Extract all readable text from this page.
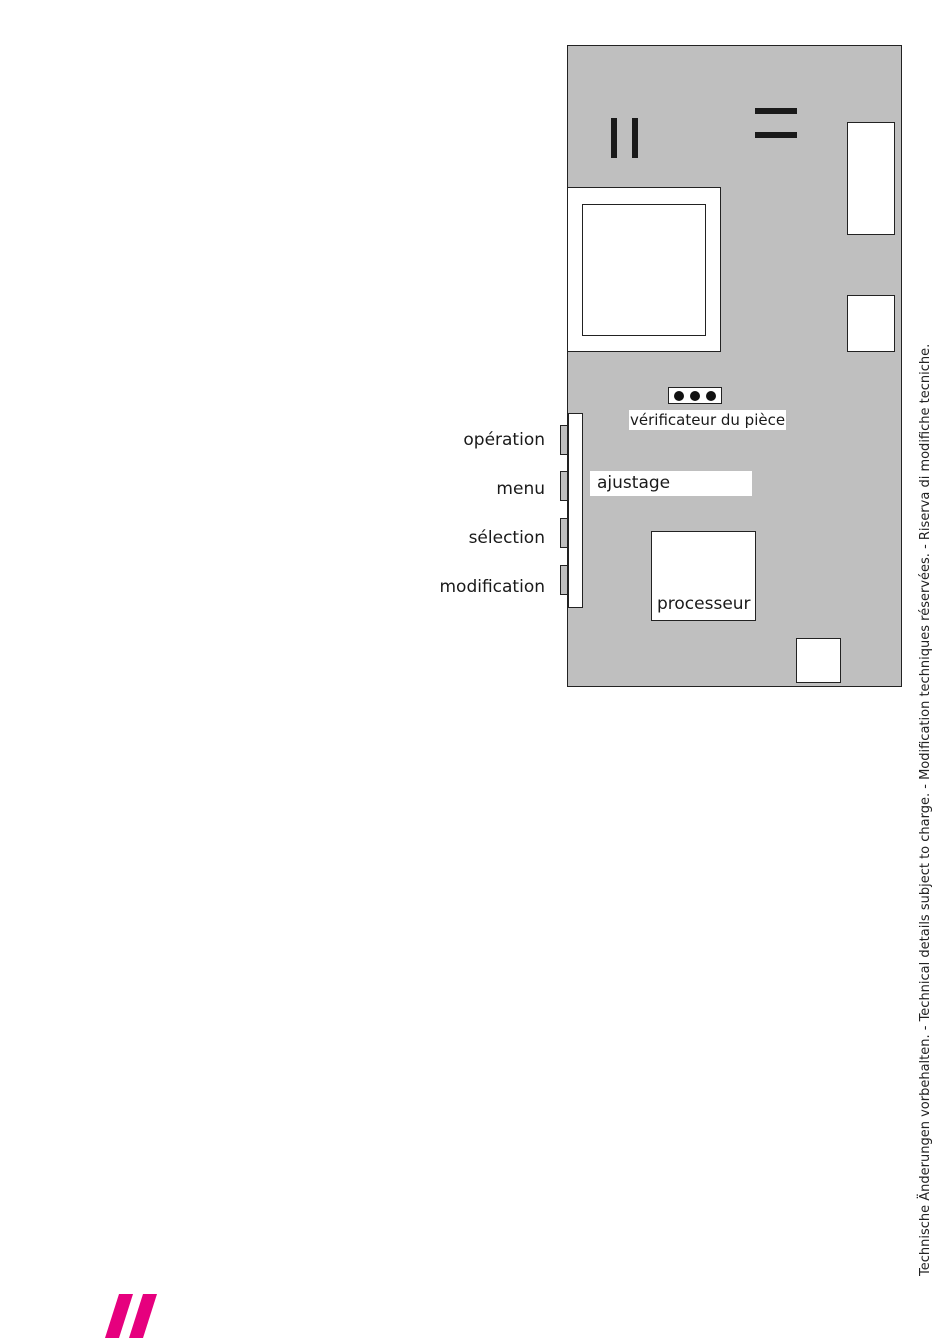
opération
menu
sélection
modification
vérificateur du pièce
ajustage
processeur	Technische Änderungen vorbehalten. - Technical details subject to charge. - Modification techniques réservées. - Riserva di modifiche tecniche.
